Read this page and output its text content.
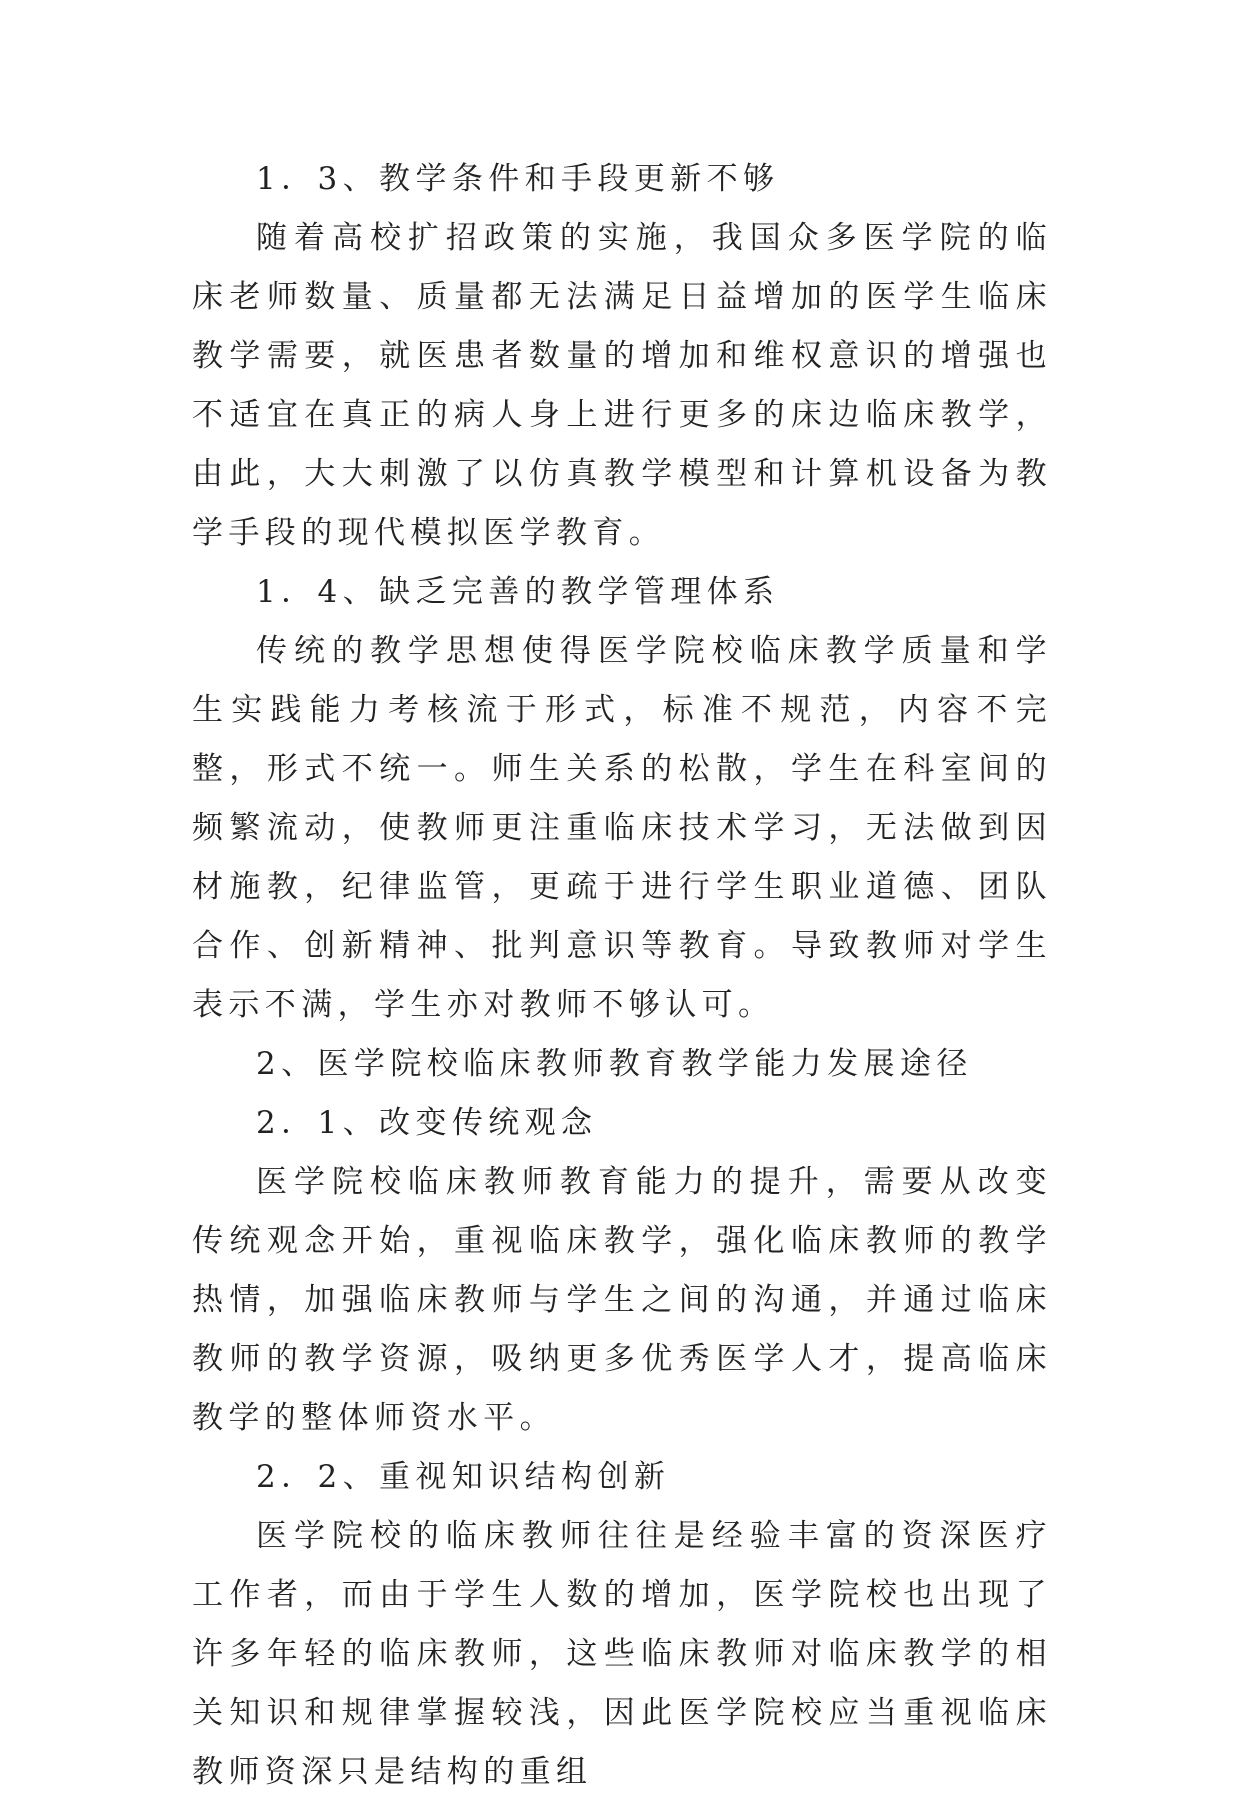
1．3、教学条件和手段更新不够

随着高校扩招政策的实施，我国众多医学院的临床老师数量、质量都无法满足日益增加的医学生临床教学需要，就医患者数量的增加和维权意识的增强也不适宜在真正的病人身上进行更多的床边临床教学，由此，大大刺激了以仿真教学模型和计算机设备为教学手段的现代模拟医学教育。

1．4、缺乏完善的教学管理体系

传统的教学思想使得医学院校临床教学质量和学生实践能力考核流于形式，标准不规范，内容不完整，形式不统一。师生关系的松散，学生在科室间的频繁流动，使教师更注重临床技术学习，无法做到因材施教，纪律监管，更疏于进行学生职业道德、团队合作、创新精神、批判意识等教育。导致教师对学生表示不满，学生亦对教师不够认可。

2、医学院校临床教师教育教学能力发展途径

2．1、改变传统观念

医学院校临床教师教育能力的提升，需要从改变传统观念开始，重视临床教学，强化临床教师的教学热情，加强临床教师与学生之间的沟通，并通过临床教师的教学资源，吸纳更多优秀医学人才，提高临床教学的整体师资水平。

2．2、重视知识结构创新

医学院校的临床教师往往是经验丰富的资深医疗工作者，而由于学生人数的增加，医学院校也出现了许多年轻的临床教师，这些临床教师对临床教学的相关知识和规律掌握较浅，因此医学院校应当重视临床教师资深只是结构的重组
